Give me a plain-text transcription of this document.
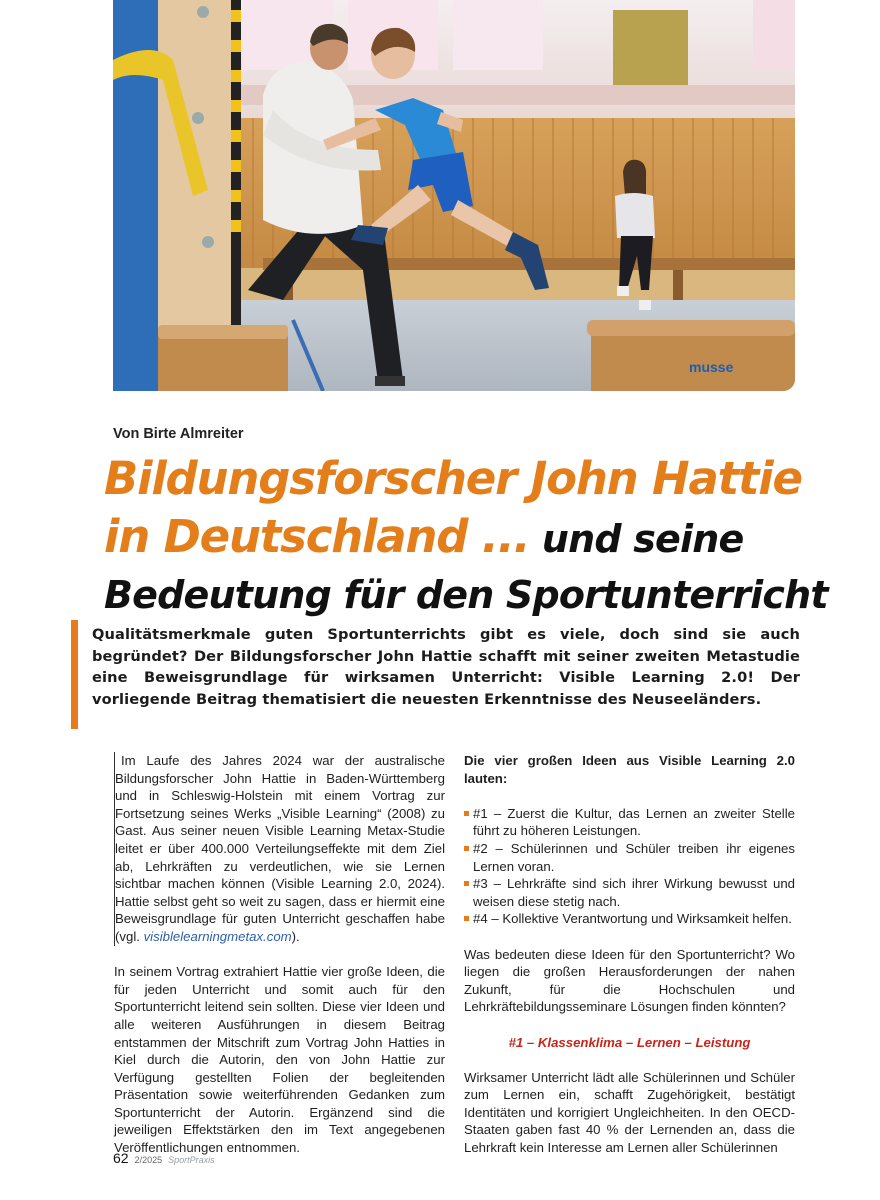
musse
Von Birte Almreiter
Bildungsforscher John Hattie
in Deutschland ... und seine
Bedeutung für den Sportunterricht

Qualitätsmerkmale guten Sportunterrichts gibt es viele, doch sind sie auch begründet? Der Bildungsforscher John Hattie schafft mit seiner zweiten Metastudie eine Beweisgrundlage für wirksamen Unterricht: Visible Learning 2.0! Der vorliegende Beitrag thematisiert die neuesten Erkenntnisse des Neuseeländers.

Im Laufe des Jahres 2024 war der australische Bildungsforscher John Hattie in Baden-Württemberg und in Schleswig-Holstein mit einem Vortrag zur Fortsetzung seines Werks „Visible Learning“ (2008) zu Gast. Aus seiner neuen Visible Learning Metax-Studie leitet er über 400.000 Verteilungseffekte mit dem Ziel ab, Lehrkräften zu verdeutlichen, wie sie Lernen sichtbar machen können (Visible Learning 2.0, 2024). Hattie selbst geht so weit zu sagen, dass er hiermit eine Beweisgrundlage für guten Unterricht geschaffen habe (vgl. visiblelearningmetax.com).

In seinem Vortrag extrahiert Hattie vier große Ideen, die für jeden Unterricht und somit auch für den Sportunterricht leitend sein sollten. Diese vier Ideen und alle weiteren Ausführungen in diesem Beitrag entstammen der Mitschrift zum Vortrag John Hatties in Kiel durch die Autorin, den von John Hattie zur Verfügung gestellten Folien der begleitenden Präsentation sowie weiterführenden Gedanken zum Sportunterricht der Autorin. Ergänzend sind die jeweiligen Effektstärken den im Text angegebenen Veröffentlichungen entnommen.

Die vier großen Ideen aus Visible Learning 2.0 lauten:

#1 – Zuerst die Kultur, das Lernen an zweiter Stelle führt zu höheren Leistungen.
#2 – Schülerinnen und Schüler treiben ihr eigenes Lernen voran.
#3 – Lehrkräfte sind sich ihrer Wirkung bewusst und weisen diese stetig nach.
#4 – Kollektive Verantwortung und Wirksamkeit helfen.

Was bedeuten diese Ideen für den Sportunterricht? Wo liegen die großen Herausforderungen der nahen Zukunft, für die Hochschulen und Lehrkräftebildungsseminare Lösungen finden könnten?

#1 – Klassenklima – Lernen – Leistung

Wirksamer Unterricht lädt alle Schülerinnen und Schüler zum Lernen ein, schafft Zugehörigkeit, bestätigt Identitäten und korrigiert Ungleichheiten. In den OECD-Staaten gaben fast 40 % der Lernenden an, dass die Lehrkraft kein Interesse am Lernen aller Schülerinnen

62 2/2025 SportPraxis
